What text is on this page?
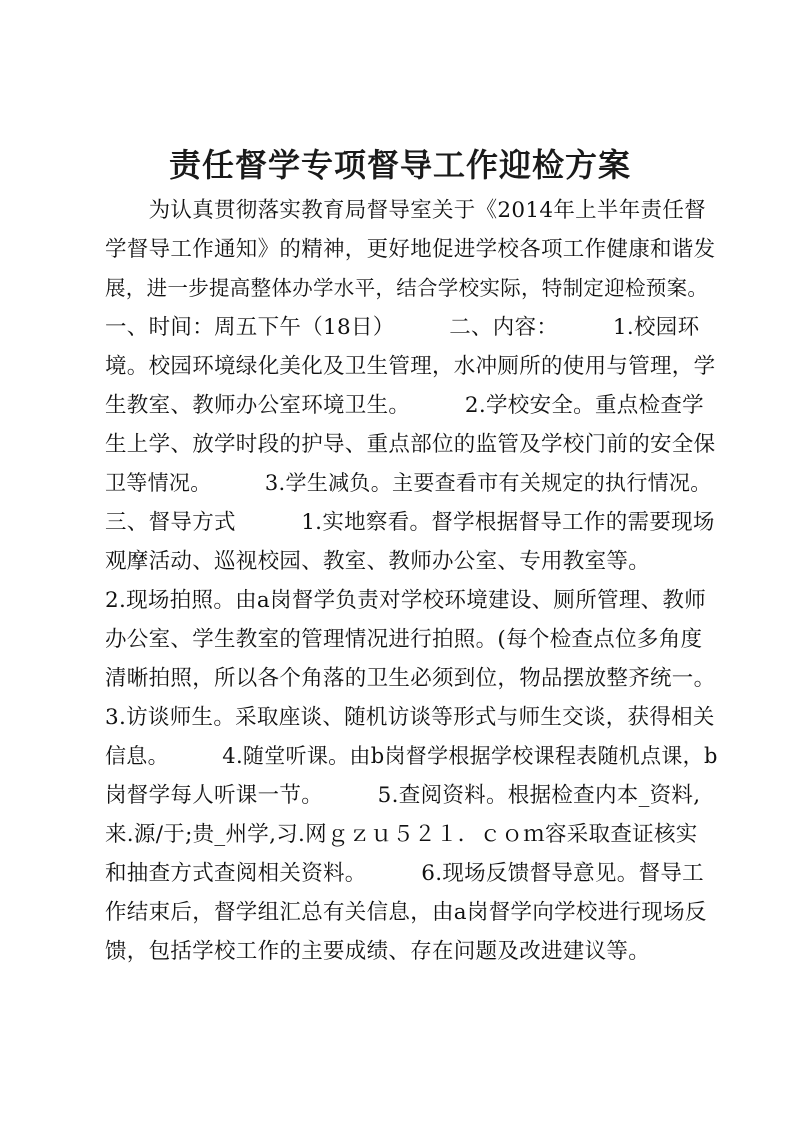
责任督学专项督导工作迎检方案
　　为认真贯彻落实教育局督导室关于《2014年上半年责任督
学督导工作通知》的精神，更好地促进学校各项工作健康和谐发
展，进一步提高整体办学水平，结合学校实际，特制定迎检预案。
一、时间：周五下午（18日）　　　二、内容：　　　1.校园环
境。校园环境绿化美化及卫生管理，水冲厕所的使用与管理，学
生教室、教师办公室环境卫生。　　　2.学校安全。重点检查学
生上学、放学时段的护导、重点部位的监管及学校门前的安全保
卫等情况。　　　3.学生减负。主要查看市有关规定的执行情况。
三、督导方式　　　1.实地察看。督学根据督导工作的需要现场
观摩活动、巡视校园、教室、教师办公室、专用教室等。
2.现场拍照。由a岗督学负责对学校环境建设、厕所管理、教师
办公室、学生教室的管理情况进行拍照。(每个检查点位多角度
清晰拍照，所以各个角落的卫生必须到位，物品摆放整齐统一。
3.访谈师生。采取座谈、随机访谈等形式与师生交谈，获得相关
信息。　　　4.随堂听课。由b岗督学根据学校课程表随机点课，b
岗督学每人听课一节。　　　5.查阅资料。根据检查内本_资料,
来.源/于;贵_州学,习.网ｇｚｕ５２１．ｃｏｍ容采取查证核实
和抽查方式查阅相关资料。　　　6.现场反馈督导意见。督导工
作结束后，督学组汇总有关信息，由a岗督学向学校进行现场反
馈，包括学校工作的主要成绩、存在问题及改进建议等。
